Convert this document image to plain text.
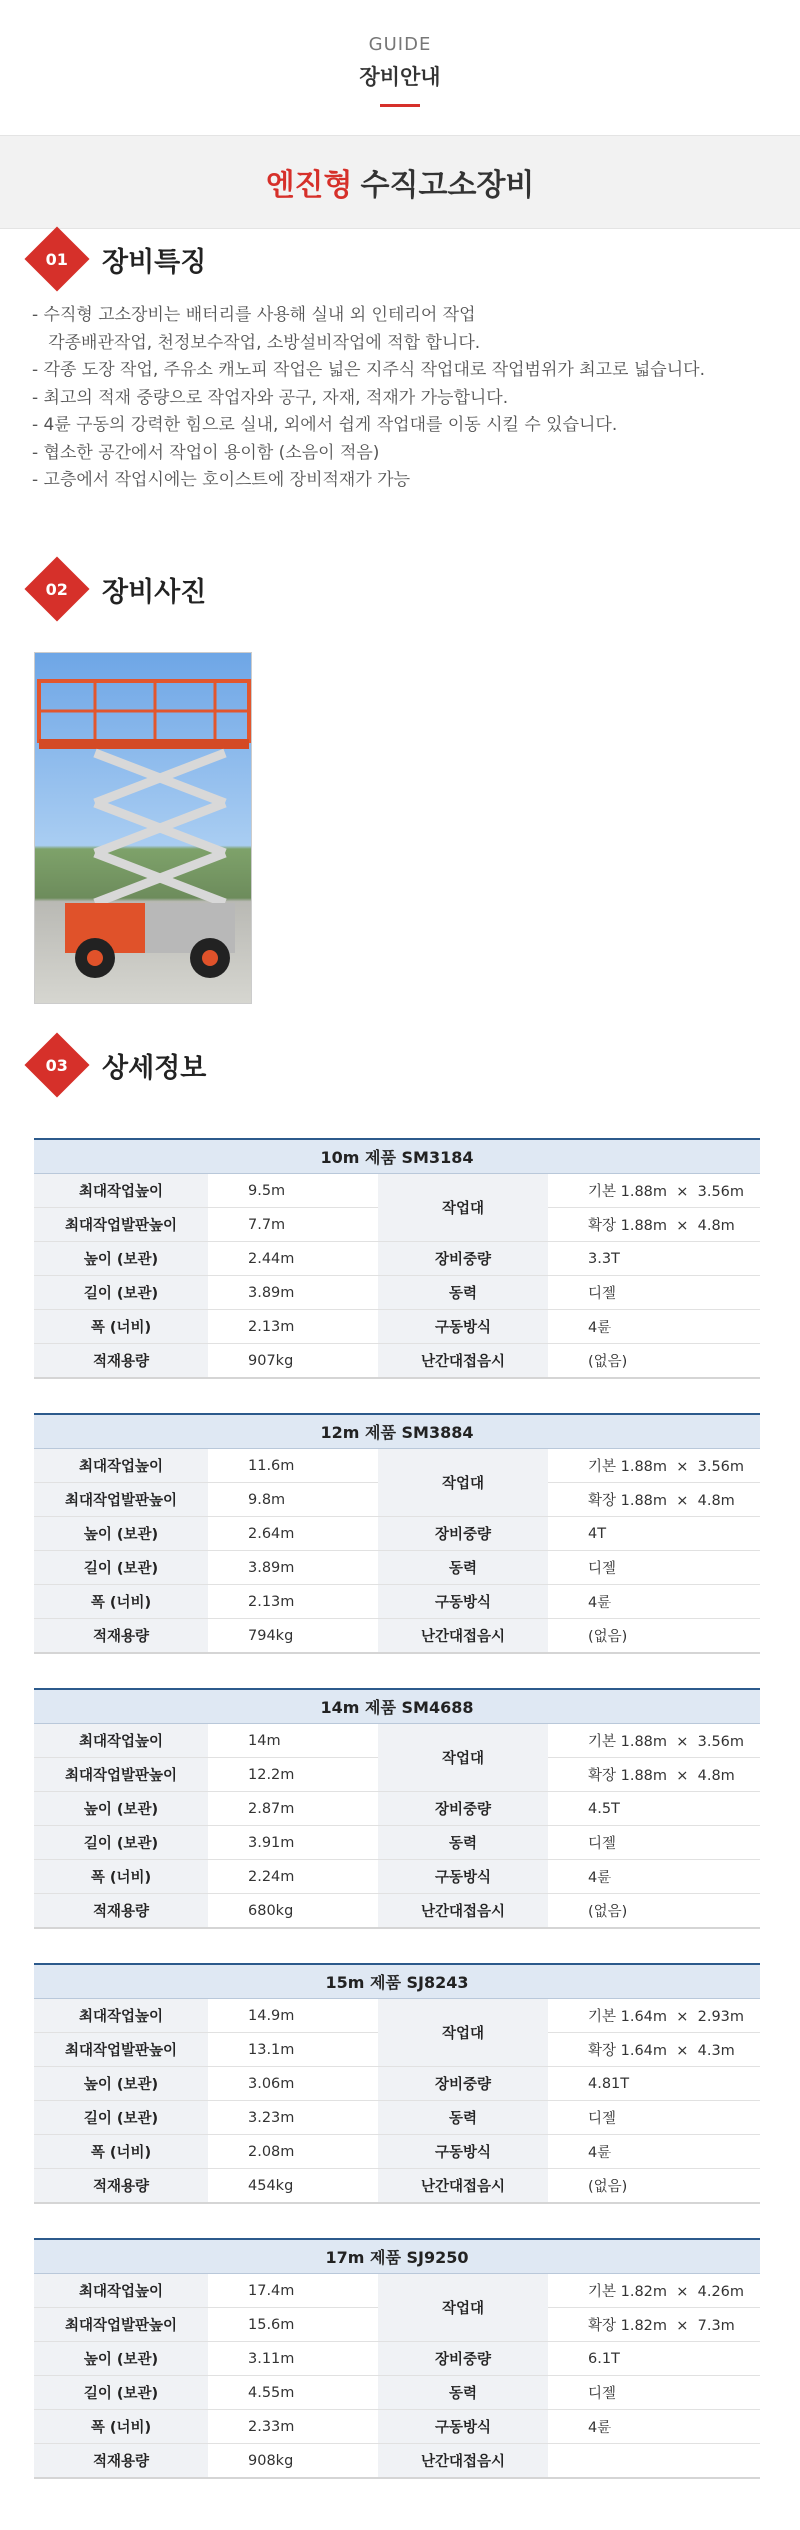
GUIDE
장비안내
엔진형 수직고소장비
01 장비특징
- 수직형 고소장비는 배터리를 사용해 실내 외 인테리어 작업
각종배관작업, 천정보수작업, 소방설비작업에 적합 합니다.
- 각종 도장 작업, 주유소 캐노피 작업은 넓은 지주식 작업대로 작업범위가 최고로 넓습니다.
- 최고의 적재 중량으로 작업자와 공구, 자재, 적재가 가능합니다.
- 4륜 구동의 강력한 힘으로 실내, 외에서 쉽게 작업대를 이동 시킬 수 있습니다.
- 협소한 공간에서 작업이 용이함 (소음이 적음)
- 고층에서 작업시에는 호이스트에 장비적재가 가능
02 장비사진
03 상세정보
10m 제품 SM3184			
최대작업높이	9.5m	작업대	기본 1.88m  ×  3.56m
최대작업발판높이	7.7m		확장 1.88m  ×  4.8m
높이 (보관)	2.44m	장비중량	3.3T
길이 (보관)	3.89m	동력	디젤
폭 (너비)	2.13m	구동방식	4륜
적재용량	907kg	난간대접음시	(없음)
12m 제품 SM3884			
최대작업높이	11.6m	작업대	기본 1.88m  ×  3.56m
최대작업발판높이	9.8m		확장 1.88m  ×  4.8m
높이 (보관)	2.64m	장비중량	4T
길이 (보관)	3.89m	동력	디젤
폭 (너비)	2.13m	구동방식	4륜
적재용량	794kg	난간대접음시	(없음)
14m 제품 SM4688			
최대작업높이	14m	작업대	기본 1.88m  ×  3.56m
최대작업발판높이	12.2m		확장 1.88m  ×  4.8m
높이 (보관)	2.87m	장비중량	4.5T
길이 (보관)	3.91m	동력	디젤
폭 (너비)	2.24m	구동방식	4륜
적재용량	680kg	난간대접음시	(없음)
15m 제품 SJ8243			
최대작업높이	14.9m	작업대	기본 1.64m  ×  2.93m
최대작업발판높이	13.1m		확장 1.64m  ×  4.3m
높이 (보관)	3.06m	장비중량	4.81T
길이 (보관)	3.23m	동력	디젤
폭 (너비)	2.08m	구동방식	4륜
적재용량	454kg	난간대접음시	(없음)
17m 제품 SJ9250			
최대작업높이	17.4m	작업대	기본 1.82m  ×  4.26m
최대작업발판높이	15.6m		확장 1.82m  ×  7.3m
높이 (보관)	3.11m	장비중량	6.1T
길이 (보관)	4.55m	동력	디젤
폭 (너비)	2.33m	구동방식	4륜
적재용량	908kg	난간대접음시	
